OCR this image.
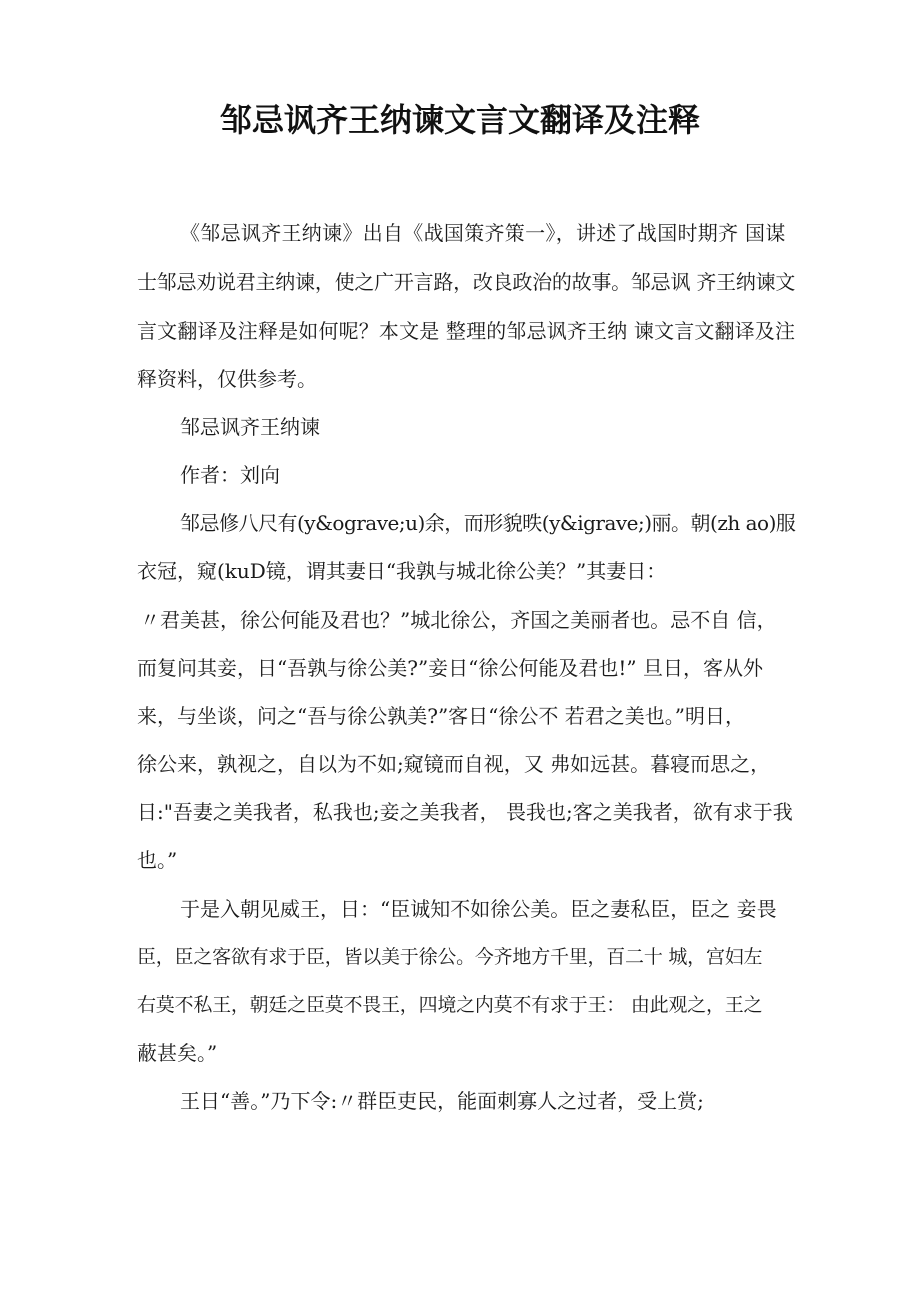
邹忌讽齐王纳谏文言文翻译及注释
《邹忌讽齐王纳谏》出自《战国策齐策一》，讲述了战国时期齐 国谋
士邹忌劝说君主纳谏，使之广开言路，改良政治的故事。邹忌讽 齐王纳谏文
言文翻译及注释是如何呢？本文是 整理的邹忌讽齐王纳 谏文言文翻译及注
释资料，仅供参考。
邹忌讽齐王纳谏
作者：刘向
邹忌修八尺有(y&ograve;u)余，而形貌昳(y&igrave;)丽。朝(zh ao)服
衣冠，窥(kuD镜，谓其妻日“我孰与城北徐公美？”其妻日：
〃君美甚，徐公何能及君也？”城北徐公，齐国之美丽者也。忌不自 信，
而复问其妾，日“吾孰与徐公美?”妾日“徐公何能及君也!” 旦日，客从外
来，与坐谈，问之“吾与徐公孰美?”客日“徐公不 若君之美也。”明日，
徐公来，孰视之，自以为不如;窥镜而自视，又 弗如远甚。暮寝而思之，
日:"吾妻之美我者，私我也;妾之美我者， 畏我也;客之美我者，欲有求于我
也。”
于是入朝见威王，日：“臣诚知不如徐公美。臣之妻私臣，臣之 妾畏
臣，臣之客欲有求于臣，皆以美于徐公。今齐地方千里，百二十 城，宫妇左
右莫不私王，朝廷之臣莫不畏王，四境之内莫不有求于王： 由此观之，王之
蔽甚矣。”
王日“善。”乃下令:〃群臣吏民，能面刺寡人之过者，受上赏;
